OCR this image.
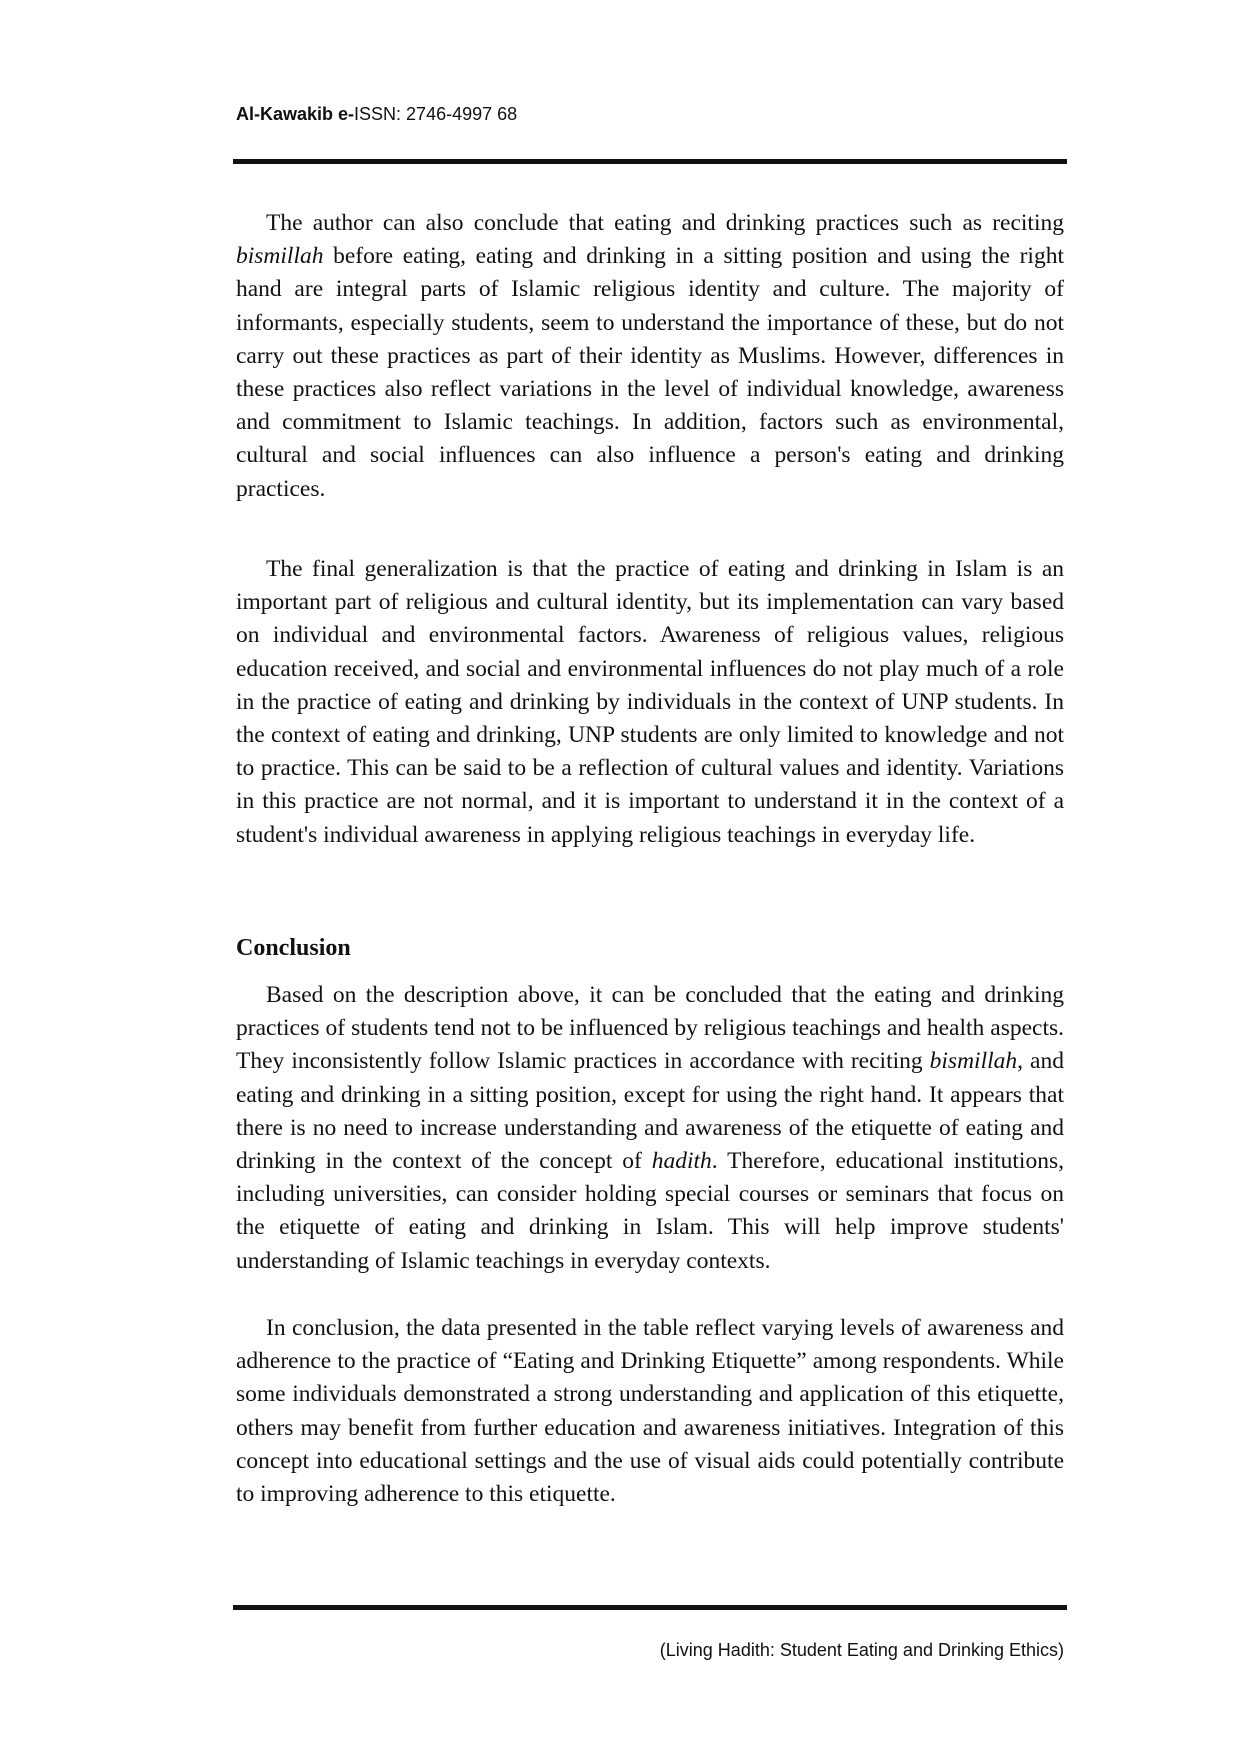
Al-Kawakib e-ISSN: 2746-4997 68

The author can also conclude that eating and drinking practices such as reciting bismillah before eating, eating and drinking in a sitting position and using the right hand are integral parts of Islamic religious identity and culture. The majority of informants, especially students, seem to understand the importance of these, but do not carry out these practices as part of their identity as Muslims. However, differences in these practices also reflect variations in the level of individual knowledge, awareness and commitment to Islamic teachings. In addition, factors such as environmental, cultural and social influences can also influence a person's eating and drinking practices.

The final generalization is that the practice of eating and drinking in Islam is an important part of religious and cultural identity, but its implementation can vary based on individual and environmental factors. Awareness of religious values, religious education received, and social and environmental influences do not play much of a role in the practice of eating and drinking by individuals in the context of UNP students. In the context of eating and drinking, UNP students are only limited to knowledge and not to practice. This can be said to be a reflection of cultural values and identity. Variations in this practice are not normal, and it is important to understand it in the context of a student's individual awareness in applying religious teachings in everyday life.

Conclusion

Based on the description above, it can be concluded that the eating and drinking practices of students tend not to be influenced by religious teachings and health aspects. They inconsistently follow Islamic practices in accordance with reciting bismillah, and eating and drinking in a sitting position, except for using the right hand. It appears that there is no need to increase understanding and awareness of the etiquette of eating and drinking in the context of the concept of hadith. Therefore, educational institutions, including universities, can consider holding special courses or seminars that focus on the etiquette of eating and drinking in Islam. This will help improve students' understanding of Islamic teachings in everyday contexts.

In conclusion, the data presented in the table reflect varying levels of awareness and adherence to the practice of “Eating and Drinking Etiquette” among respondents. While some individuals demonstrated a strong understanding and application of this etiquette, others may benefit from further education and awareness initiatives. Integration of this concept into educational settings and the use of visual aids could potentially contribute to improving adherence to this etiquette.

(Living Hadith: Student Eating and Drinking Ethics)
